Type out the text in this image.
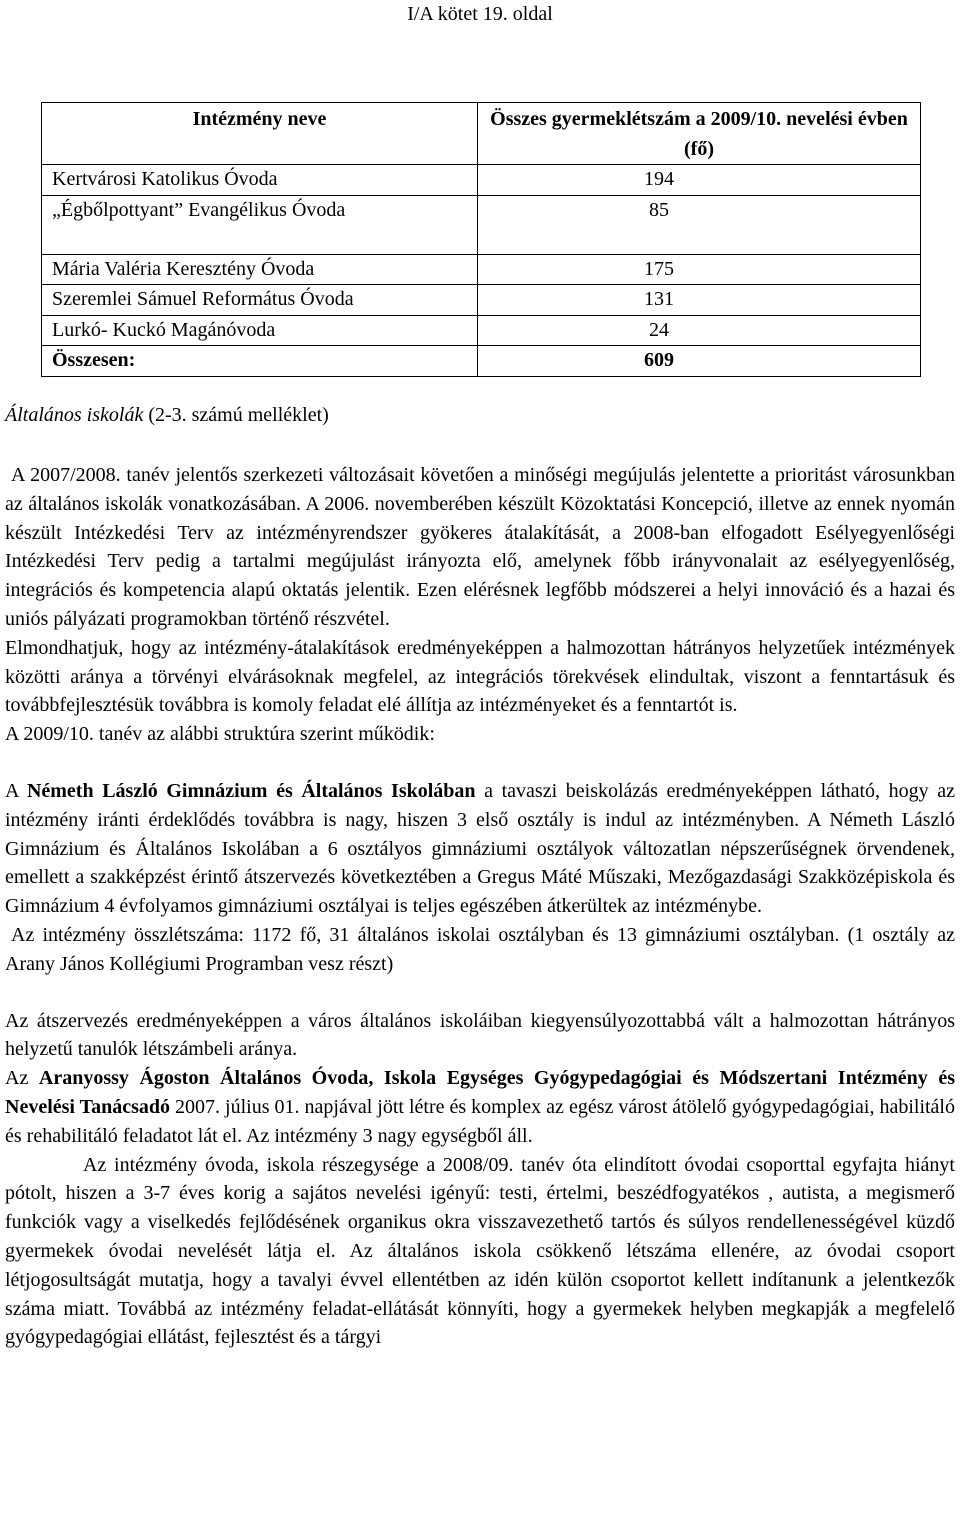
I/A kötet 19. oldal
Intézmény neve	Összes gyermeklétszám a 2009/10. nevelési évben (fő)
Kertvárosi Katolikus Óvoda	194
„Égbőlpottyant” Evangélikus Óvoda	85
Mária Valéria Keresztény Óvoda	175
Szeremlei Sámuel Református Óvoda	131
Lurkó- Kuckó Magánóvoda	24
Összesen:	609
Általános iskolák (2-3. számú melléklet)

A 2007/2008. tanév jelentős szerkezeti változásait követően a minőségi megújulás jelentette a prioritást városunkban az általános iskolák vonatkozásában. A 2006. novemberében készült Közoktatási Koncepció, illetve az ennek nyomán készült Intézkedési Terv az intézményrendszer gyökeres átalakítását, a 2008-ban elfogadott Esélyegyenlőségi Intézkedési Terv pedig a tartalmi megújulást irányozta elő, amelynek főbb irányvonalait az esélyegyenlőség, integrációs és kompetencia alapú oktatás jelentik. Ezen elérésnek legfőbb módszerei a helyi innováció és a hazai és uniós pályázati programokban történő részvétel.

Elmondhatjuk, hogy az intézmény-átalakítások eredményeképpen a halmozottan hátrányos helyzetűek intézmények közötti aránya a törvényi elvárásoknak megfelel, az integrációs törekvések elindultak, viszont a fenntartásuk és továbbfejlesztésük továbbra is komoly feladat elé állítja az intézményeket és a fenntartót is.

A 2009/10. tanév az alábbi struktúra szerint működik:

A Németh László Gimnázium és Általános Iskolában a tavaszi beiskolázás eredményeképpen látható, hogy az intézmény iránti érdeklődés továbbra is nagy, hiszen 3 első osztály is indul az intézményben. A Németh László Gimnázium és Általános Iskolában a 6 osztályos gimnáziumi osztályok változatlan népszerűségnek örvendenek, emellett a szakképzést érintő átszervezés következtében a Gregus Máté Műszaki, Mezőgazdasági Szakközépiskola és Gimnázium 4 évfolyamos gimnáziumi osztályai is teljes egészében átkerültek az intézménybe.

Az intézmény összlétszáma: 1172 fő, 31 általános iskolai osztályban és 13 gimnáziumi osztályban. (1 osztály az Arany János Kollégiumi Programban vesz részt)

Az átszervezés eredményeképpen a város általános iskoláiban kiegyensúlyozottabbá vált a halmozottan hátrányos helyzetű tanulók létszámbeli aránya.

Az Aranyossy Ágoston Általános Óvoda, Iskola Egységes Gyógypedagógiai és Módszertani Intézmény és Nevelési Tanácsadó 2007. július 01. napjával jött létre és komplex az egész várost átölelő gyógypedagógiai, habilitáló és rehabilitáló feladatot lát el. Az intézmény 3 nagy egységből áll.

Az intézmény óvoda, iskola részegysége a 2008/09. tanév óta elindított óvodai csoporttal egyfajta hiányt pótolt, hiszen a 3-7 éves korig a sajátos nevelési igényű: testi, értelmi, beszédfogyatékos , autista, a megismerő funkciók vagy a viselkedés fejlődésének organikus okra visszavezethető tartós és súlyos rendellenességével küzdő gyermekek óvodai nevelését látja el. Az általános iskola csökkenő létszáma ellenére, az óvodai csoport létjogosultságát mutatja, hogy a tavalyi évvel ellentétben az idén külön csoportot kellett indítanunk a jelentkezők száma miatt. Továbbá az intézmény feladat-ellátását könnyíti, hogy a gyermekek helyben megkapják a megfelelő gyógypedagógiai ellátást, fejlesztést és a tárgyi
